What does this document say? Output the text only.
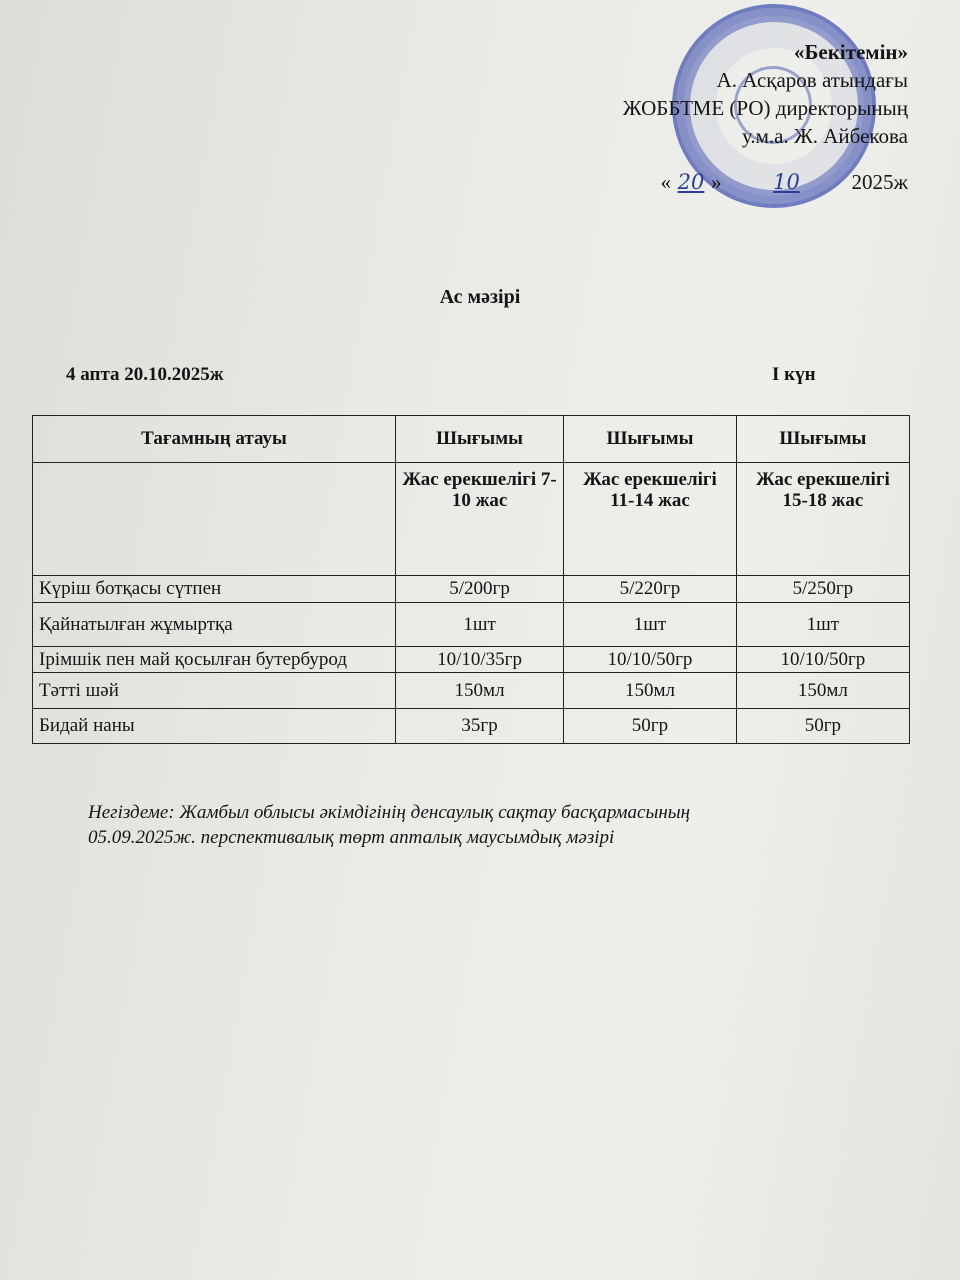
«Бекітемін»
А. Асқаров атындағы
ЖОББТМЕ (РО) директорының
у.м.а. Ж. Айбекова
« 20 » 10 2025ж
Ас мәзірі
4 апта 20.10.2025ж	І күн
Тағамның атауы	Шығымы	Шығымы	Шығымы
	Жас ерекшелігі 7-10 жас	Жас ерекшелігі 11-14 жас	Жас ерекшелігі 15-18 жас
Күріш ботқасы сүтпен	5/200гр	5/220гр	5/250гр
Қайнатылған жұмыртқа	1шт	1шт	1шт
Ірімшік пен май қосылған бутербурод	10/10/35гр	10/10/50гр	10/10/50гр
Тәтті шәй	150мл	150мл	150мл
Бидай наны	35гр	50гр	50гр
Негіздеме: Жамбыл облысы әкімдігінің денсаулық сақтау басқармасының
05.09.2025ж. перспективалық төрт апталық маусымдық мәзірі
